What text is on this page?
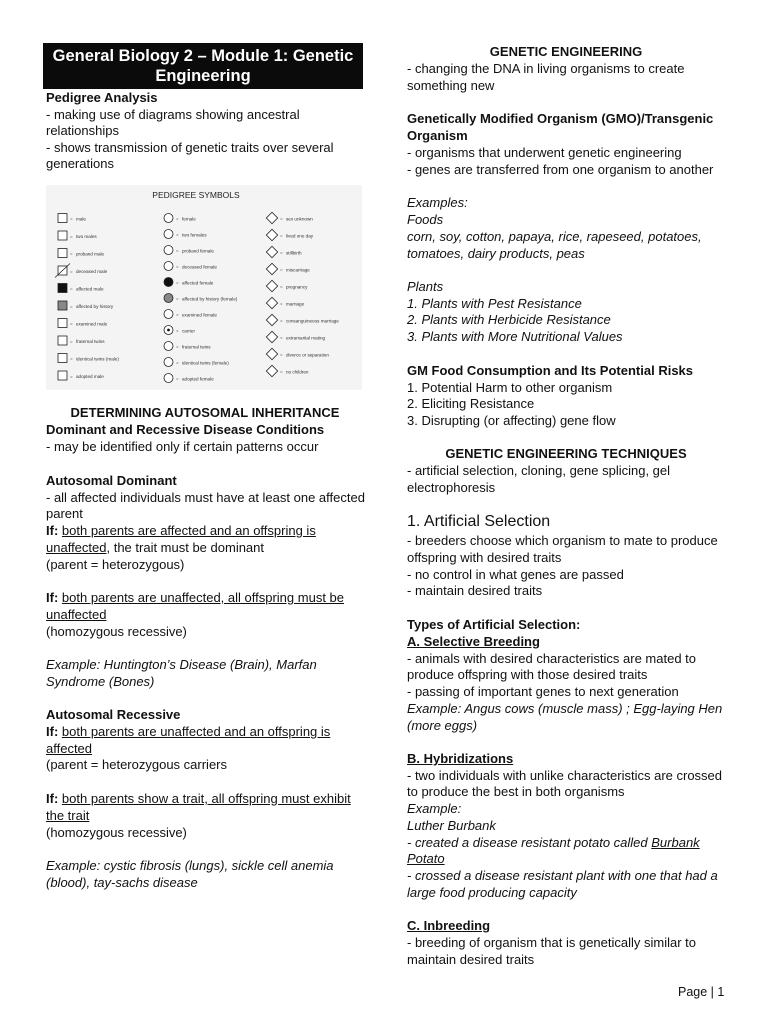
General Biology 2 – Module 1: Genetic Engineering
Pedigree Analysis
- making use of diagrams showing ancestral
relationships
- shows transmission of genetic traits over several
generations
PEDIGREE SYMBOLS
= male
= two males
= proband male
= deceased male
= affected male
= affected by history
= examined male
= fraternal twins
= identical twins (male)
= adopted male
= female
= two females
= proband female
= deceased female
= affected female
= affected by history (female)
= examined female
= carrier
= fraternal twins
= identical twins (female)
= adopted female
= sex unknown
= lived one day
= stillbirth
= miscarriage
= pregnancy
= marriage
= consanguineous marriage
= extramarital mating
= divorce or separation
= no children
DETERMINING AUTOSOMAL INHERITANCE
Dominant and Recessive Disease Conditions
- may be identified only if certain patterns occur
Autosomal Dominant
- all affected individuals must have at least one affected
parent
If: both parents are affected and an offspring is
unaffected, the trait must be dominant
(parent = heterozygous)
If: both parents are unaffected, all offspring must be
unaffected
(homozygous recessive)
Example: Huntington’s Disease (Brain), Marfan
Syndrome (Bones)
Autosomal Recessive
If: both parents are unaffected and an offspring is
affected
(parent = heterozygous carriers
If: both parents show a trait, all offspring must exhibit
the trait
(homozygous recessive)
Example: cystic fibrosis (lungs), sickle cell anemia
(blood), tay-sachs disease
GENETIC ENGINEERING
- changing the DNA in living organisms to create
something new
Genetically Modified Organism (GMO)/Transgenic
Organism
- organisms that underwent genetic engineering
- genes are transferred from one organism to another
Examples:
Foods
corn, soy, cotton, papaya, rice, rapeseed, potatoes,
tomatoes, dairy products, peas
Plants
1. Plants with Pest Resistance
2. Plants with Herbicide Resistance
3. Plants with More Nutritional Values
GM Food Consumption and Its Potential Risks
1. Potential Harm to other organism
2. Eliciting Resistance
3. Disrupting (or affecting) gene flow
GENETIC ENGINEERING TECHNIQUES
- artificial selection, cloning, gene splicing, gel
electrophoresis
1. Artificial Selection
- breeders choose which organism to mate to produce
offspring with desired traits
- no control in what genes are passed
- maintain desired traits
Types of Artificial Selection:
A. Selective Breeding
- animals with desired characteristics are mated to
produce offspring with those desired traits
- passing of important genes to next generation
Example: Angus cows (muscle mass) ; Egg-laying Hen
(more eggs)
B. Hybridizations
- two individuals with unlike characteristics are crossed
to produce the best in both organisms
Example:
Luther Burbank
- created a disease resistant potato called Burbank
Potato
- crossed a disease resistant plant with one that had a
large food producing capacity
C. Inbreeding
- breeding of organism that is genetically similar to
maintain desired traits
Page | 1
